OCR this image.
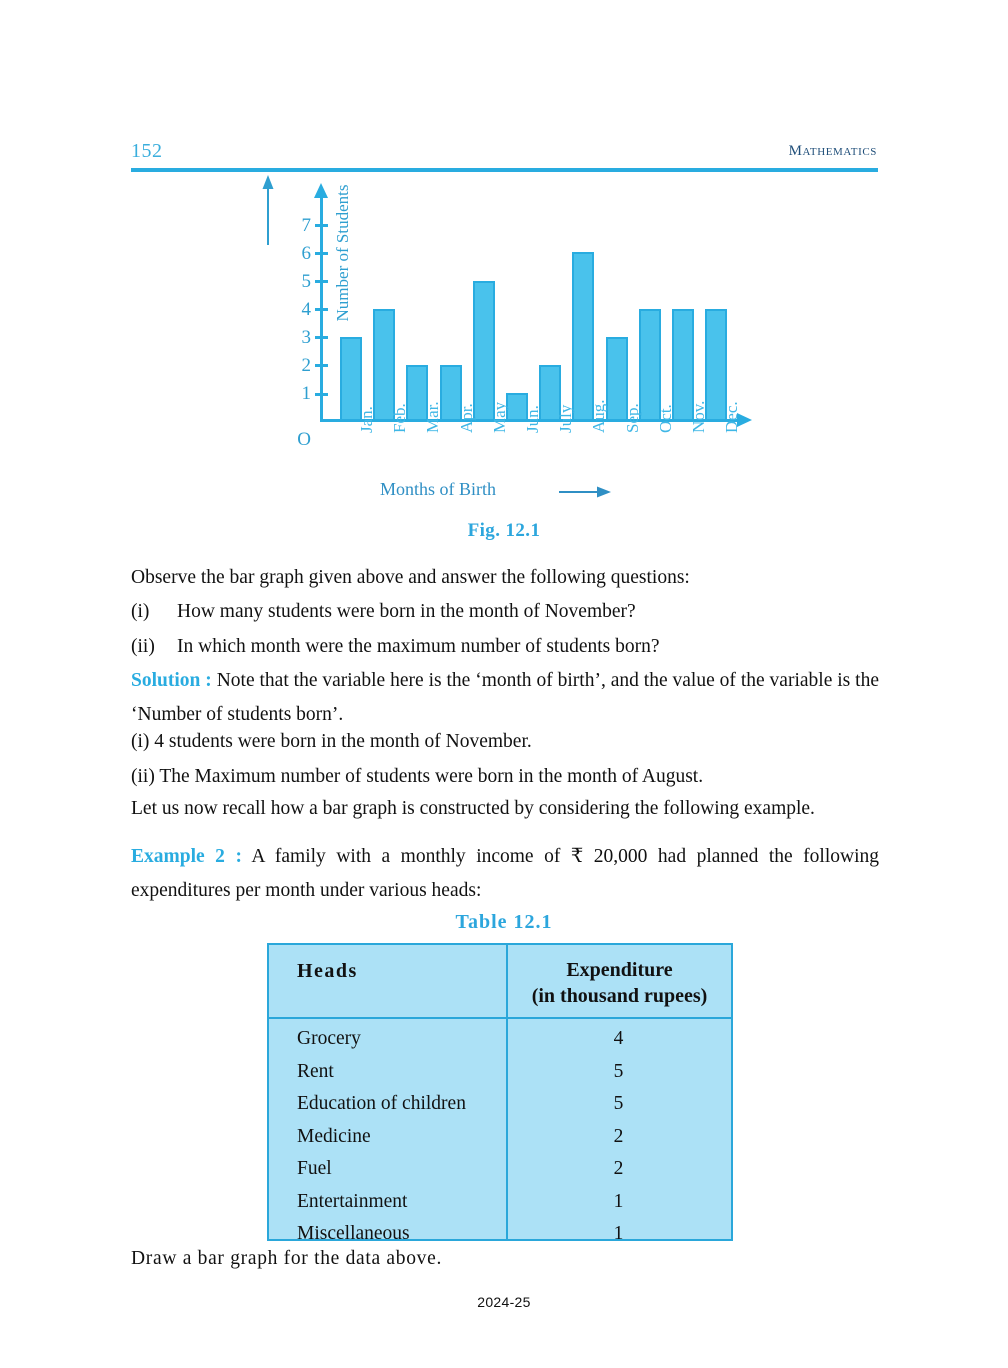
152	Mathematics
Number of Students
1
2
3
4
5
6
7
O
Jan. Feb. Mar. Apr. May Jun. July Aug. Sep. Oct. Nov. Dec.
Months of Birth
Fig. 12.1
Observe the bar graph given above and answer the following questions:
(i)	How many students were born in the month of November?
(ii)	In which month were the maximum number of students born?
Solution : Note that the variable here is the ‘month of birth’, and the value of the variable is the ‘Number of students born’.
(i) 4 students were born in the month of November.
(ii) The Maximum number of students were born in the month of August.
Let us now recall how a bar graph is constructed by considering the following example.
Example 2 : A family with a monthly income of ₹ 20,000 had planned the following expenditures per month under various heads:
Table 12.1
Heads	Expenditure
(in thousand rupees)
Grocery	4
Rent	5
Education of children	5
Medicine	2
Fuel	2
Entertainment	1
Miscellaneous	1
Draw a bar graph for the data above.
2024-25
